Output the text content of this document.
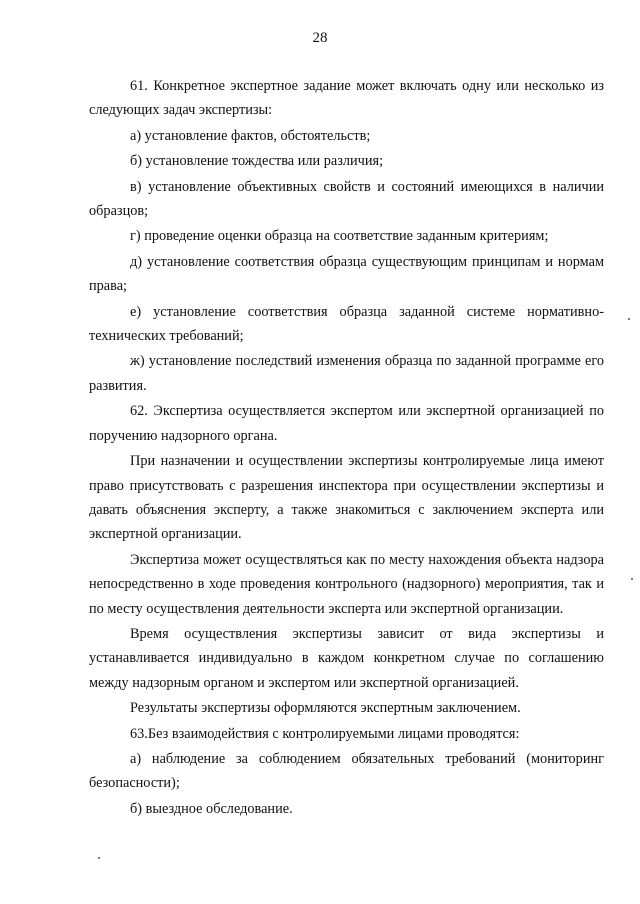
28

61. Конкретное экспертное задание может включать одну или несколько из следующих задач экспертизы:

а) установление фактов, обстоятельств;

б) установление тождества или различия;

в) установление объективных свойств и состояний имеющихся в наличии образцов;

г) проведение оценки образца на соответствие заданным критериям;

д) установление соответствия образца существующим принципам и нормам права;

е) установление соответствия образца заданной системе нормативно-технических требований;

ж) установление последствий изменения образца по заданной программе его развития.

62. Экспертиза осуществляется экспертом или экспертной организацией по поручению надзорного органа.

При назначении и осуществлении экспертизы контролируемые лица имеют право присутствовать с разрешения инспектора при осуществлении экспертизы и давать объяснения эксперту, а также знакомиться с заключением эксперта или экспертной организации.

Экспертиза может осуществляться как по месту нахождения объекта надзора непосредственно в ходе проведения контрольного (надзорного) мероприятия, так и по месту осуществления деятельности эксперта или экспертной организации.

Время осуществления экспертизы зависит от вида экспертизы и устанавливается индивидуально в каждом конкретном случае по соглашению между надзорным органом и экспертом или экспертной организацией.

Результаты экспертизы оформляются экспертным заключением.

63.Без взаимодействия с контролируемыми лицами проводятся:

а) наблюдение за соблюдением обязательных требований (мониторинг безопасности);

б) выездное обследование.
